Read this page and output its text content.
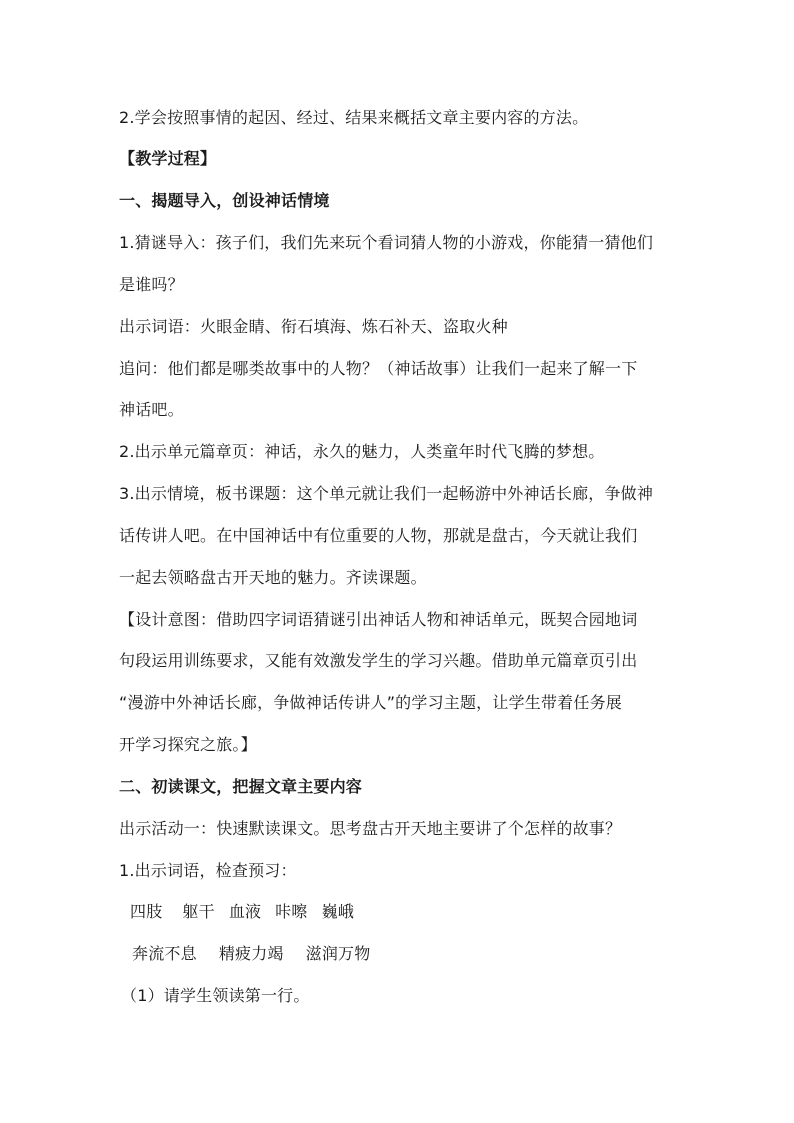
2.学会按照事情的起因、经过、结果来概括文章主要内容的方法。
【教学过程】
一、揭题导入，创设神话情境
1.猜谜导入：孩子们，我们先来玩个看词猜人物的小游戏，你能猜一猜他们
是谁吗？
出示词语：火眼金睛、衔石填海、炼石补天、盗取火种
追问：他们都是哪类故事中的人物？（神话故事）让我们一起来了解一下
神话吧。
2.出示单元篇章页：神话，永久的魅力，人类童年时代飞腾的梦想。
3.出示情境，板书课题：这个单元就让我们一起畅游中外神话长廊，争做神
话传讲人吧。在中国神话中有位重要的人物，那就是盘古，今天就让我们
一起去领略盘古开天地的魅力。齐读课题。
【设计意图：借助四字词语猜谜引出神话人物和神话单元，既契合园地词
句段运用训练要求，又能有效激发学生的学习兴趣。借助单元篇章页引出
“漫游中外神话长廊，争做神话传讲人”的学习主题，让学生带着任务展
开学习探究之旅。】
二、初读课文，把握文章主要内容
出示活动一：快速默读课文。思考盘古开天地主要讲了个怎样的故事？
1.出示词语，检查预习：
四肢 躯干 血液 咔嚓 巍峨
奔流不息 精疲力竭 滋润万物
（1）请学生领读第一行。
